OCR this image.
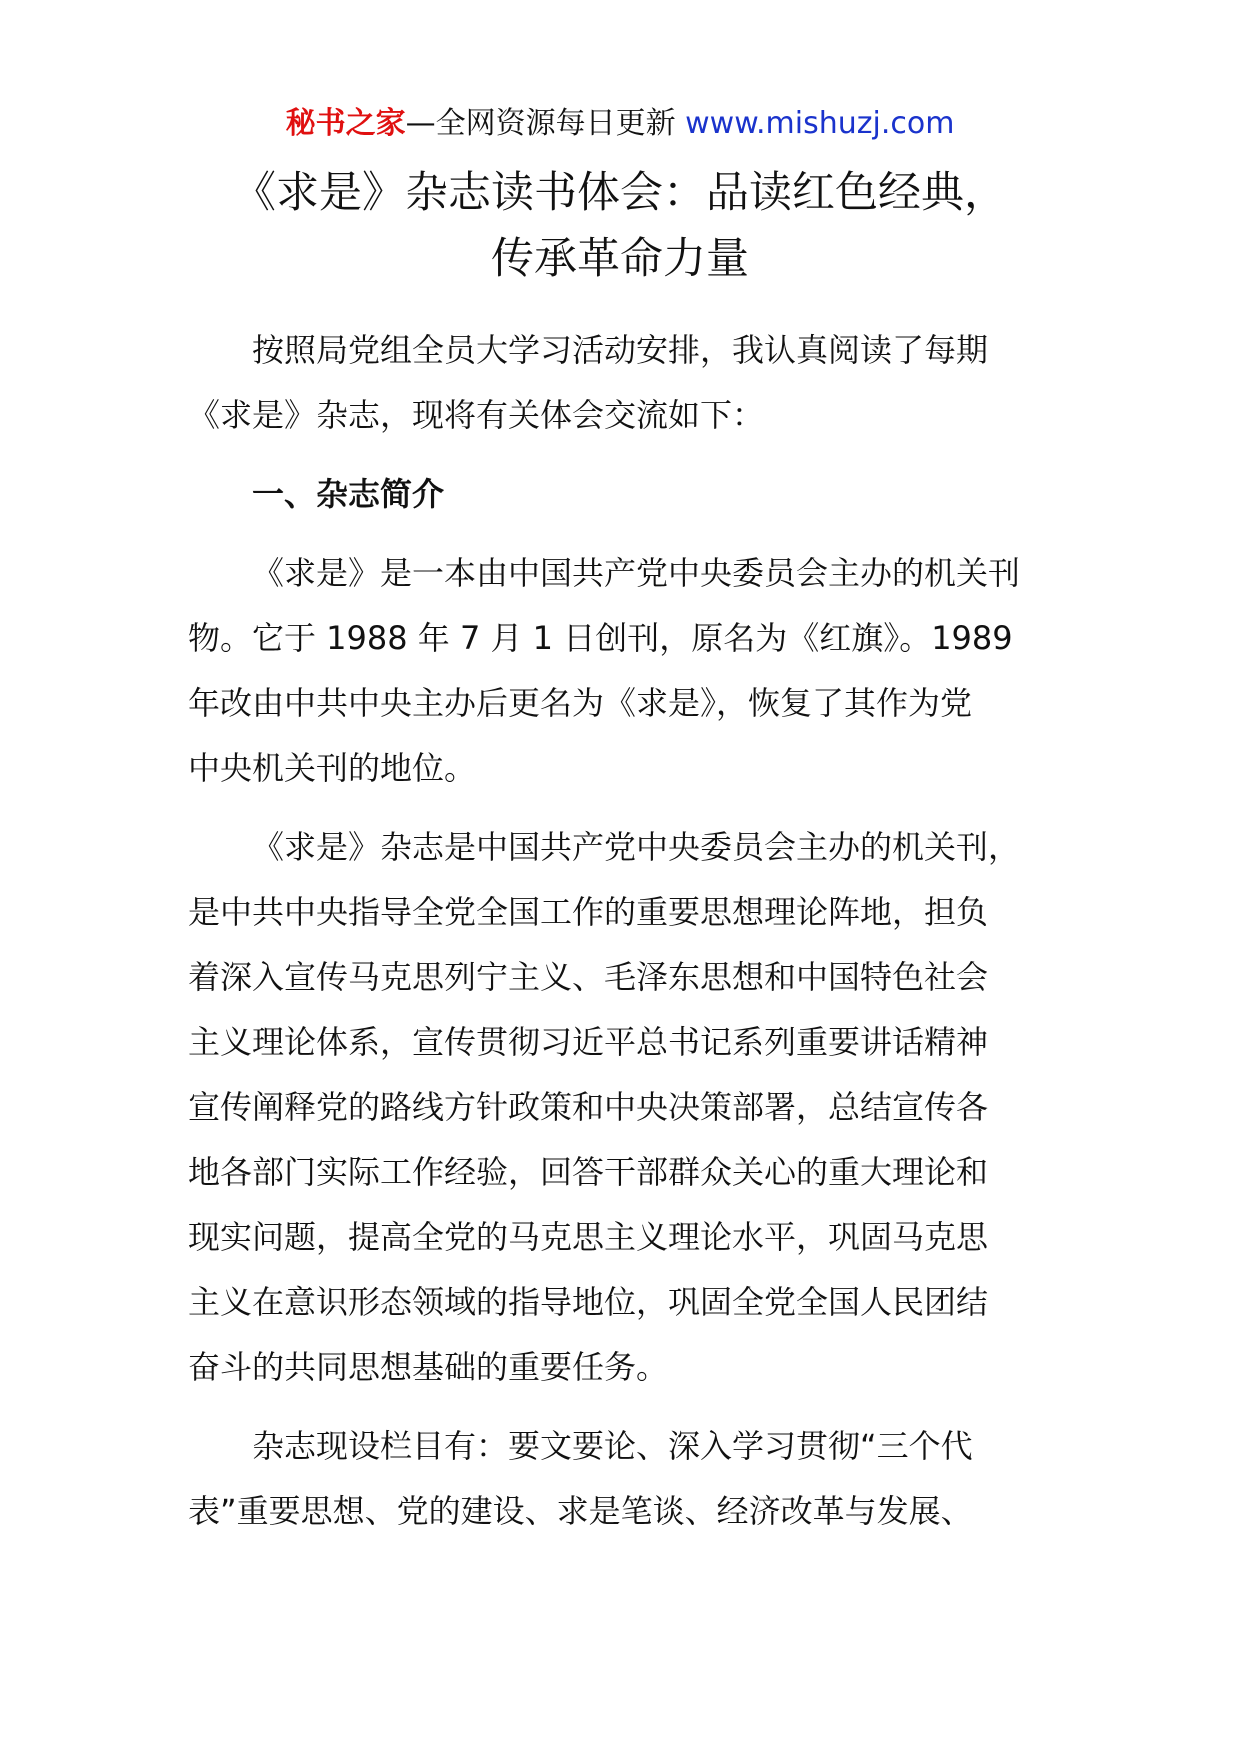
秘书之家—全网资源每日更新 www.mishuzj.com
《求是》杂志读书体会：品读红色经典，
传承革命力量

按照局党组全员大学习活动安排，我认真阅读了每期
《求是》杂志，现将有关体会交流如下：

一、杂志简介

《求是》是一本由中国共产党中央委员会主办的机关刊
物。它于 1988 年 7 月 1 日创刊，原名为《红旗》。1989
年改由中共中央主办后更名为《求是》，恢复了其作为党
中央机关刊的地位。

《求是》杂志是中国共产党中央委员会主办的机关刊，
是中共中央指导全党全国工作的重要思想理论阵地，担负
着深入宣传马克思列宁主义、毛泽东思想和中国特色社会
主义理论体系，宣传贯彻习近平总书记系列重要讲话精神
宣传阐释党的路线方针政策和中央决策部署，总结宣传各
地各部门实际工作经验，回答干部群众关心的重大理论和
现实问题，提高全党的马克思主义理论水平，巩固马克思
主义在意识形态领域的指导地位，巩固全党全国人民团结
奋斗的共同思想基础的重要任务。

杂志现设栏目有：要文要论、深入学习贯彻“三个代
表”重要思想、党的建设、求是笔谈、经济改革与发展、
